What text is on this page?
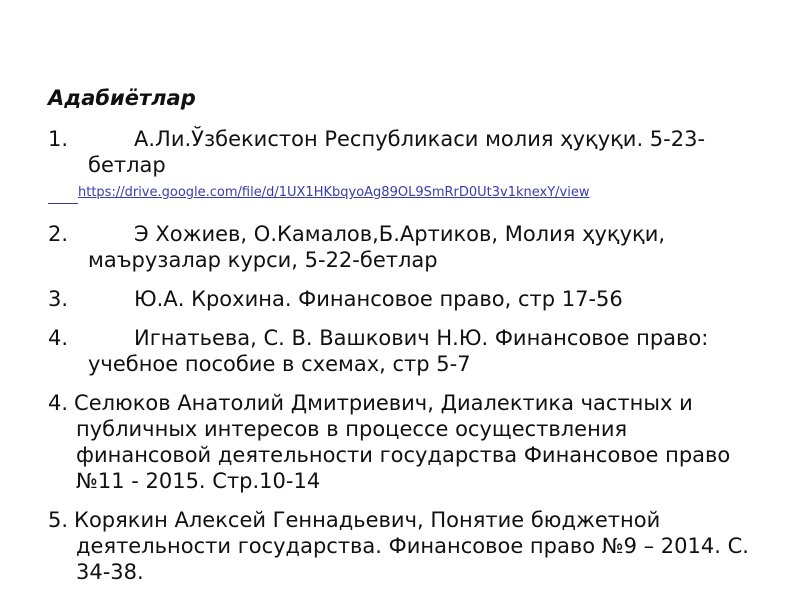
Адабиётлар
1.	А.Ли.Ўзбекистон Республикаси молия ҳуқуқи. 5-23-бетлар
https://drive.google.com/file/d/1UX1HKbqyoAg89OL9SmRrD0Ut3v1knexY/view
2.	Э Хожиев, О.Камалов,Б.Артиков, Молия ҳуқуқи, маърузалар курси, 5-22-бетлар
3.	Ю.А. Крохина. Финансовое право, стр 17-56
4.	Игнатьева, С. В. Вашкович Н.Ю. Финансовое право: учебное пособие в схемах, стр 5-7
4. Селюков Анатолий Дмитриевич, Диалектика частных и публичных интересов в процессе осуществления финансовой деятельности государства Финансовое право №11 - 2015. Стр.10-14
5. Корякин Алексей Геннадьевич, Понятие бюджетной деятельности государства. Финансовое право №9 – 2014. С. 34-38.
